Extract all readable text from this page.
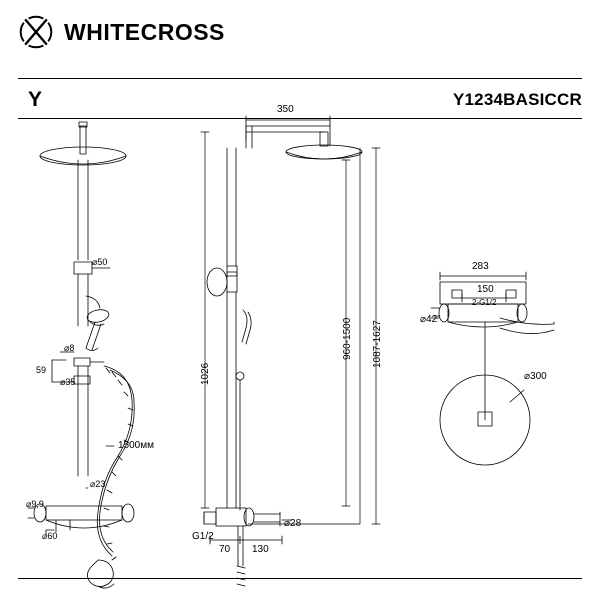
WHITECROSS
Y	Y1234BASICCR
⌀50
⌀8
59
⌀35
1500мм
⌀23
⌀9,9
⌀60
350
1026
960-1500 1087-1627
G1/2
70 130
⌀28
283
150
2-G1/2
⌀42
⌀300
